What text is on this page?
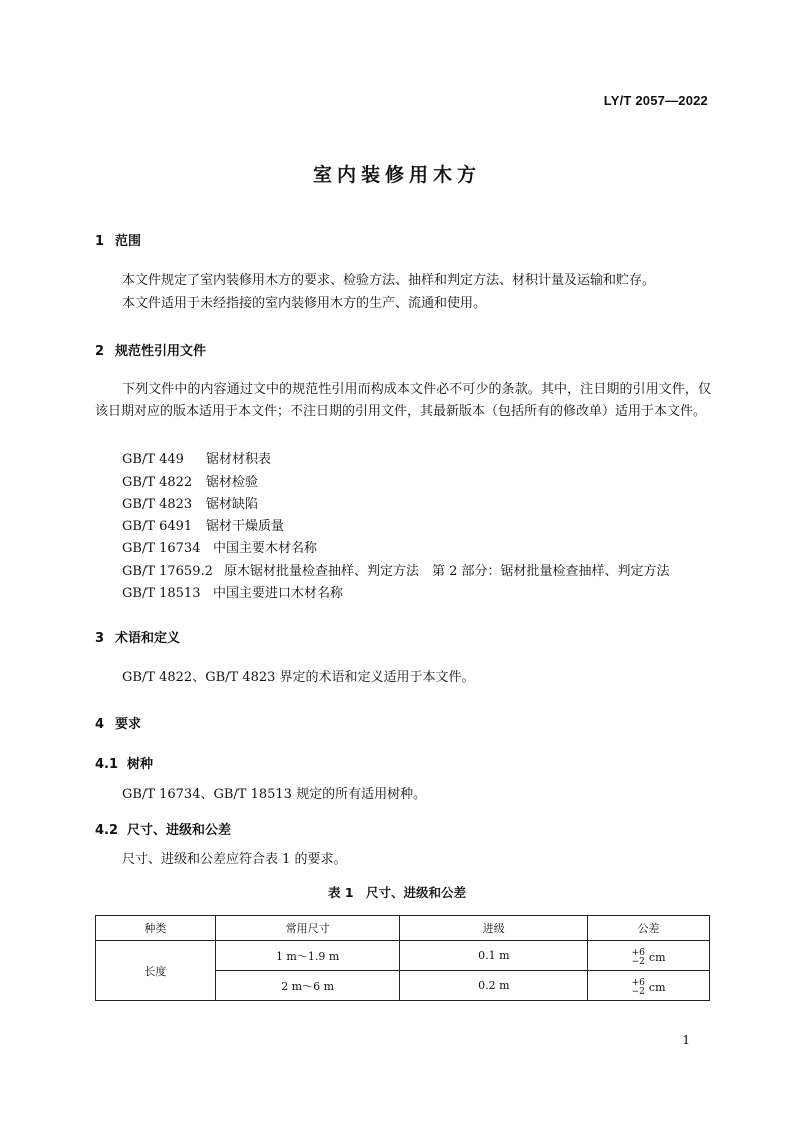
LY/T 2057—2022
室内装修用木方
1 范围
本文件规定了室内装修用木方的要求、检验方法、抽样和判定方法、材积计量及运输和贮存。
本文件适用于未经指接的室内装修用木方的生产、流通和使用。
2 规范性引用文件
下列文件中的内容通过文中的规范性引用而构成本文件必不可少的条款。其中，注日期的引用文件，仅该日期对应的版本适用于本文件；不注日期的引用文件，其最新版本（包括所有的修改单）适用于本文件。
GB/T 449 锯材材积表
GB/T 4822 锯材检验
GB/T 4823 锯材缺陷
GB/T 6491 锯材干燥质量
GB/T 16734 中国主要木材名称
GB/T 17659.2 原木锯材批量检查抽样、判定方法　第 2 部分：锯材批量检查抽样、判定方法
GB/T 18513 中国主要进口木材名称
3 术语和定义
GB/T 4822、GB/T 4823 界定的术语和定义适用于本文件。
4 要求
4.1 树种
GB/T 16734、GB/T 18513 规定的所有适用树种。
4.2 尺寸、进级和公差
尺寸、进级和公差应符合表 1 的要求。
表 1　尺寸、进级和公差
种类	常用尺寸	进级	公差
长度	1 m～1.9 m	0.1 m	+6
−2 cm

	2 m～6 m	0.2 m	+6
−2 cm
1
